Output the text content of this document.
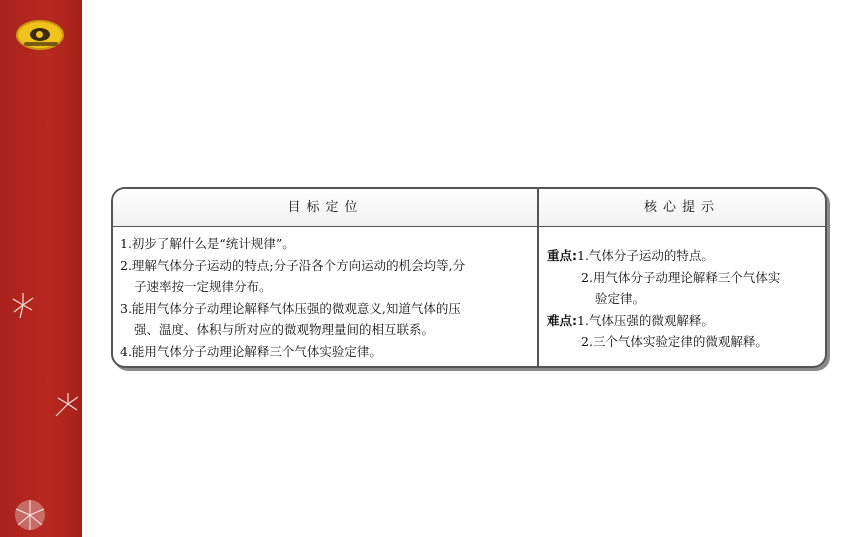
目标定位	核心提示

1.初步了解什么是“统计规律”。

2.理解气体分子运动的特点;分子沿各个方向运动的机会均等,分

子速率按一定规律分布。

3.能用气体分子动理论解释气体压强的微观意义,知道气体的压

强、温度、体积与所对应的微观物理量间的相互联系。

4.能用气体分子动理论解释三个气体实验定律。

重点:1.气体分子运动的特点。

2.用气体分子动理论解释三个气体实

验定律。

难点:1.气体压强的微观解释。

2.三个气体实验定律的微观解释。
